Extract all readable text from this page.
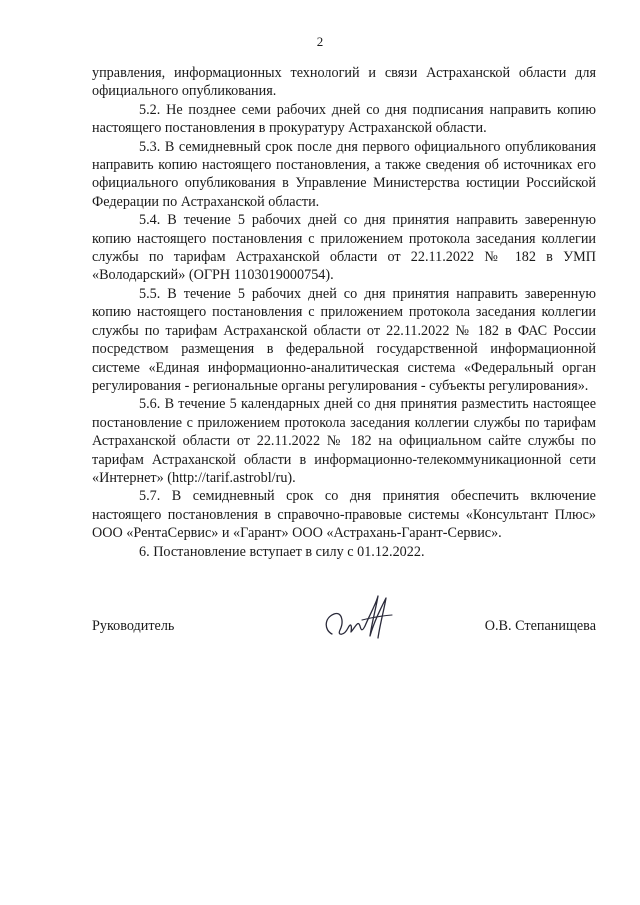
2

управления, информационных технологий и связи Астраханской области для официального опубликования.

5.2. Не позднее семи рабочих дней со дня подписания направить копию настоящего постановления в прокуратуру Астраханской области.

5.3. В семидневный срок после дня первого официального опубликования направить копию настоящего постановления, а также сведения об источниках его официального опубликования в Управление Министерства юстиции Российской Федерации по Астраханской области.

5.4. В течение 5 рабочих дней со дня принятия направить заверенную копию настоящего постановления с приложением протокола заседания коллегии службы по тарифам Астраханской области от 22.11.2022 № 182 в УМП «Володарский» (ОГРН 1103019000754).

5.5. В течение 5 рабочих дней со дня принятия направить заверенную копию настоящего постановления с приложением протокола заседания коллегии службы по тарифам Астраханской области от 22.11.2022 № 182 в ФАС России посредством размещения в федеральной государственной информационной системе «Единая информационно-аналитическая система «Федеральный орган регулирования - региональные органы регулирования - субъекты регулирования».

5.6. В течение 5 календарных дней со дня принятия разместить настоящее постановление с приложением протокола заседания коллегии службы по тарифам Астраханской области от 22.11.2022 № 182 на официальном сайте службы по тарифам Астраханской области в информационно-телекоммуникационной сети «Интернет» (http://tarif.astrobl/ru).

5.7. В семидневный срок со дня принятия обеспечить включение настоящего постановления в справочно-правовые системы «Консультант Плюс» ООО «РентаСервис» и «Гарант» ООО «Астрахань-Гарант-Сервис».

6. Постановление вступает в силу с 01.12.2022.

Руководитель	О.В. Степанищева
